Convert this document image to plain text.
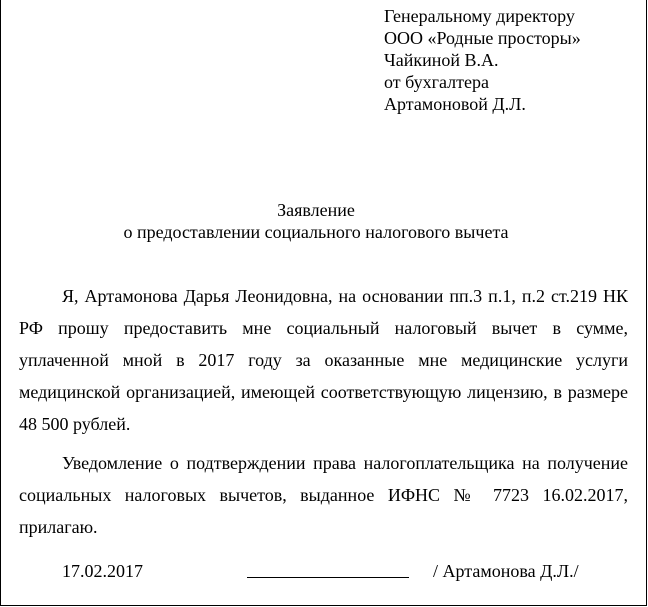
Генеральному директору
ООО «Родные просторы»
Чайкиной В.А.
от бухгалтера
Артамоновой Д.Л.
Заявление
о предоставлении социального налогового вычета
Я, Артамонова Дарья Леонидовна, на основании пп.3 п.1, п.2 ст.219 НК РФ прошу предоставить мне социальный налоговый вычет в сумме, уплаченной мной в 2017 году за оказанные мне медицинские услуги медицинской организацией, имеющей соответствующую лицензию, в размере 48 500 рублей.
Уведомление о подтверждении права налогоплательщика на получение социальных налоговых вычетов, выданное ИФНС № 7723 16.02.2017, прилагаю.
17.02.2017	/ Артамонова Д.Л./
